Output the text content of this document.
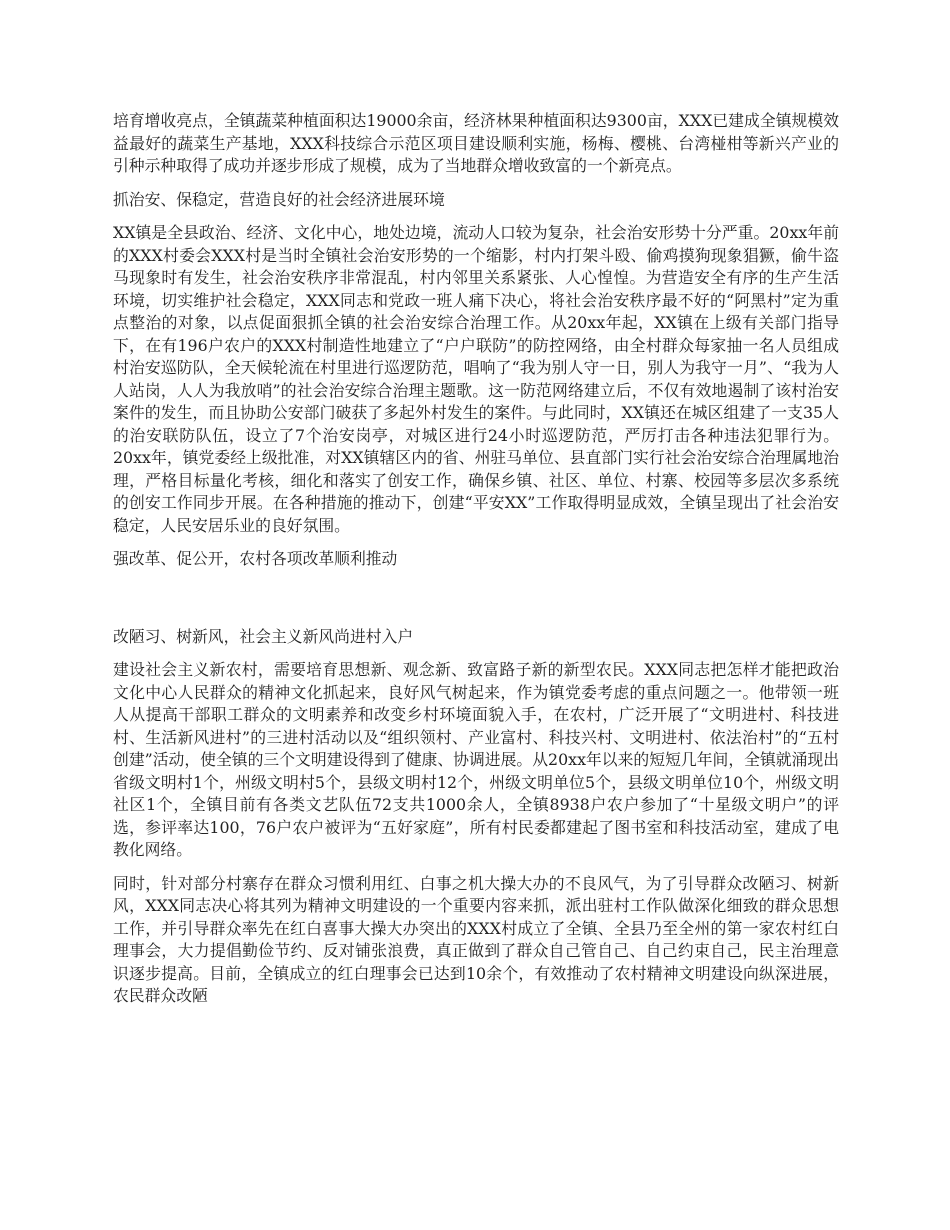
培育增收亮点，全镇蔬菜种植面积达19000余亩，经济林果种植面积达9300亩，XXX已建成全镇规模效益最好的蔬菜生产基地，XXX科技综合示范区项目建设顺利实施，杨梅、樱桃、台湾椪柑等新兴产业的引种示种取得了成功并逐步形成了规模，成为了当地群众增收致富的一个新亮点。

抓治安、保稳定，营造良好的社会经济进展环境

XX镇是全县政治、经济、文化中心，地处边境，流动人口较为复杂，社会治安形势十分严重。20xx年前的XXX村委会XXX村是当时全镇社会治安形势的一个缩影，村内打架斗殴、偷鸡摸狗现象猖獗，偷牛盗马现象时有发生，社会治安秩序非常混乱，村内邻里关系紧张、人心惶惶。为营造安全有序的生产生活环境，切实维护社会稳定，XXX同志和党政一班人痛下决心，将社会治安秩序最不好的“阿黑村”定为重点整治的对象，以点促面狠抓全镇的社会治安综合治理工作。从20xx年起，XX镇在上级有关部门指导下，在有196户农户的XXX村制造性地建立了“户户联防”的防控网络，由全村群众每家抽一名人员组成村治安巡防队，全天候轮流在村里进行巡逻防范，唱响了“我为别人守一日，别人为我守一月”、“我为人人站岗，人人为我放哨”的社会治安综合治理主题歌。这一防范网络建立后，不仅有效地遏制了该村治安案件的发生，而且协助公安部门破获了多起外村发生的案件。与此同时，XX镇还在城区组建了一支35人的治安联防队伍，设立了7个治安岗亭，对城区进行24小时巡逻防范，严厉打击各种违法犯罪行为。20xx年，镇党委经上级批准，对XX镇辖区内的省、州驻马单位、县直部门实行社会治安综合治理属地治理，严格目标量化考核，细化和落实了创安工作，确保乡镇、社区、单位、村寨、校园等多层次多系统的创安工作同步开展。在各种措施的推动下，创建“平安XX”工作取得明显成效，全镇呈现出了社会治安稳定，人民安居乐业的良好氛围。

强改革、促公开，农村各项改革顺利推动

改陋习、树新风，社会主义新风尚进村入户

建设社会主义新农村，需要培育思想新、观念新、致富路子新的新型农民。XXX同志把怎样才能把政治文化中心人民群众的精神文化抓起来，良好风气树起来，作为镇党委考虑的重点问题之一。他带领一班人从提高干部职工群众的文明素养和改变乡村环境面貌入手，在农村，广泛开展了“文明进村、科技进村、生活新风进村”的三进村活动以及“组织领村、产业富村、科技兴村、文明进村、依法治村”的“五村创建”活动，使全镇的三个文明建设得到了健康、协调进展。从20xx年以来的短短几年间，全镇就涌现出省级文明村1个，州级文明村5个，县级文明村12个，州级文明单位5个，县级文明单位10个，州级文明社区1个，全镇目前有各类文艺队伍72支共1000余人，全镇8938户农户参加了“十星级文明户”的评选，参评率达100，76户农户被评为“五好家庭”，所有村民委都建起了图书室和科技活动室，建成了电教化网络。

同时，针对部分村寨存在群众习惯利用红、白事之机大操大办的不良风气，为了引导群众改陋习、树新风，XXX同志决心将其列为精神文明建设的一个重要内容来抓，派出驻村工作队做深化细致的群众思想工作，并引导群众率先在红白喜事大操大办突出的XXX村成立了全镇、全县乃至全州的第一家农村红白理事会，大力提倡勤俭节约、反对铺张浪费，真正做到了群众自己管自己、自己约束自己，民主治理意识逐步提高。目前，全镇成立的红白理事会已达到10余个，有效推动了农村精神文明建设向纵深进展，农民群众改陋
